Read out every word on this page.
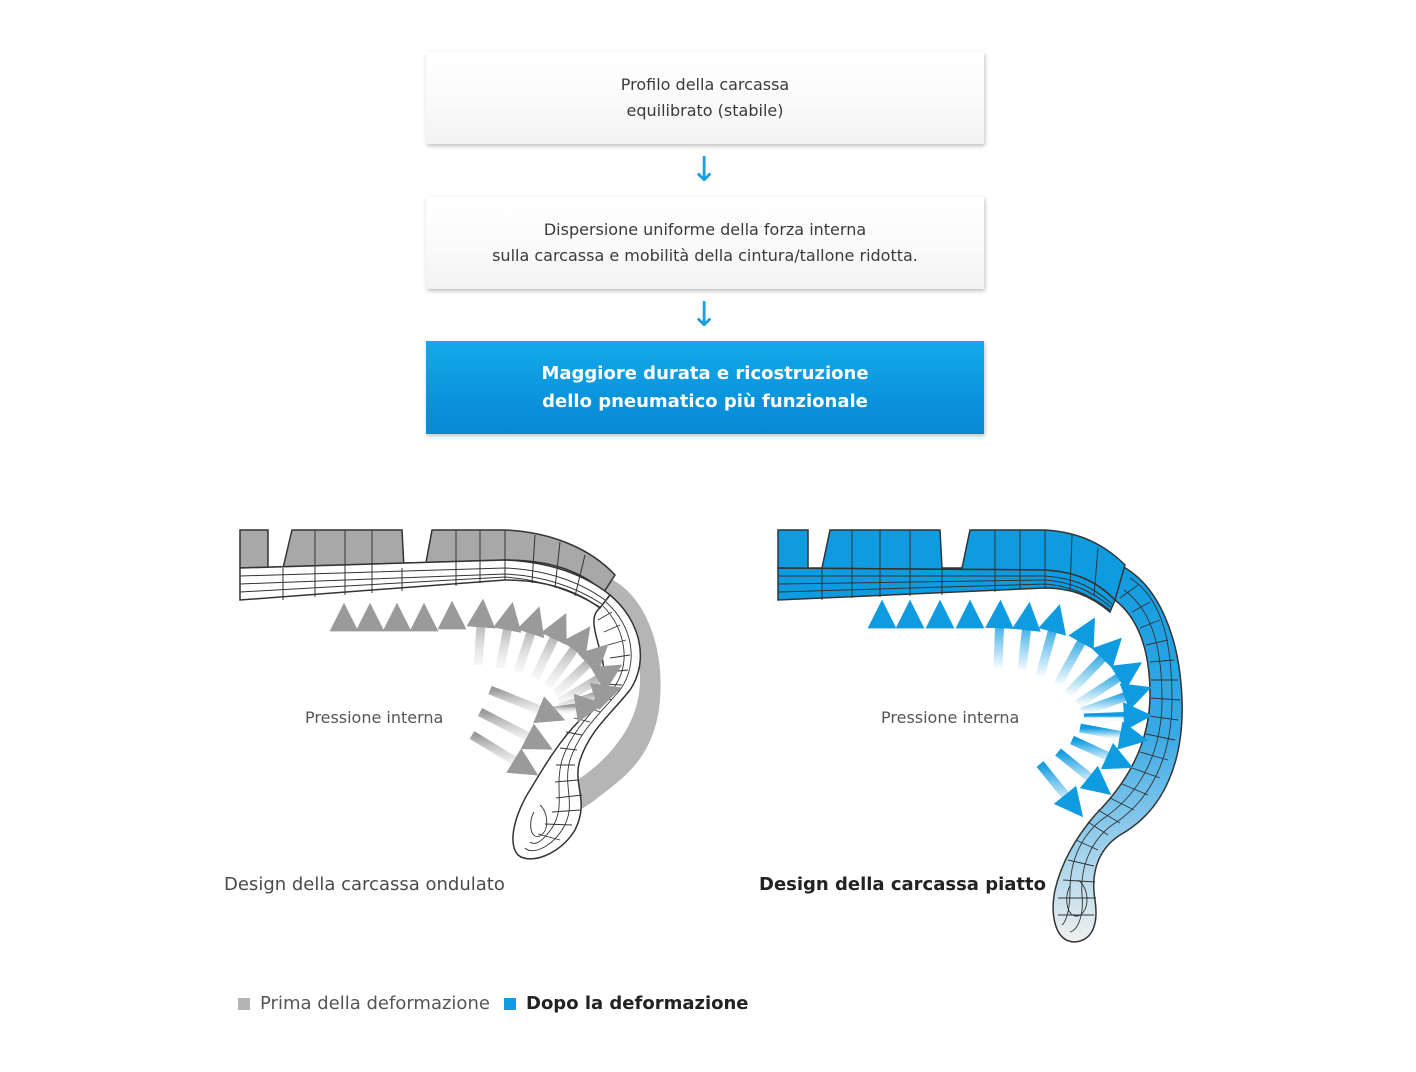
Profilo della carcassa
equilibrato (stabile)
↓
Dispersione uniforme della forza interna
sulla carcassa e mobilità della cintura/tallone ridotta.
↓
Maggiore durata e ricostruzione
dello pneumatico più funzionale
Pressione interna	Pressione interna
Design della carcassa ondulato	Design della carcassa piatto
Prima della deformazione Dopo la deformazione
